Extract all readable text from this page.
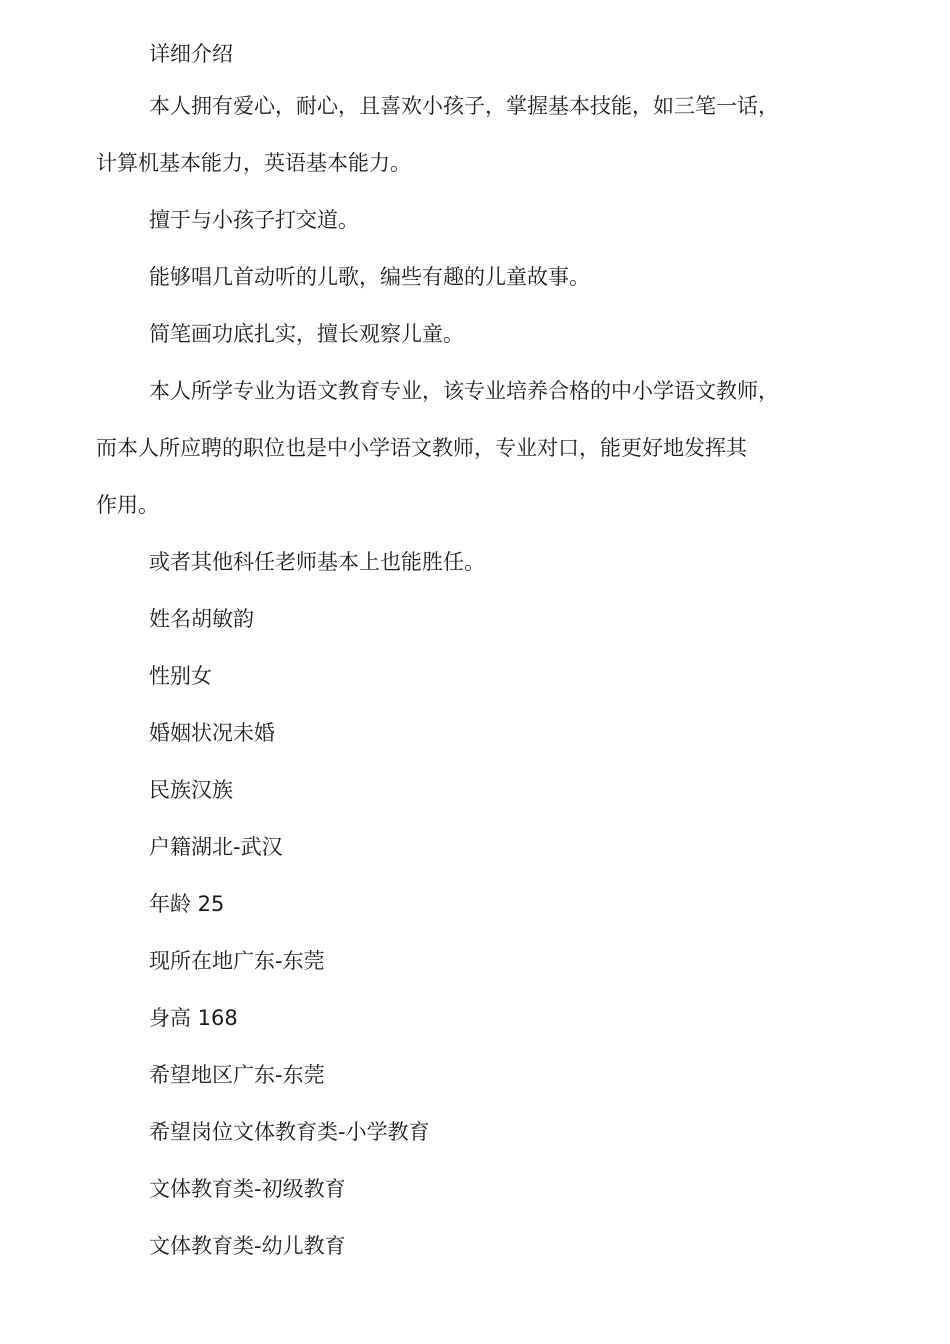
详细介绍

本人拥有爱心，耐心，且喜欢小孩子，掌握基本技能，如三笔一话，

计算机基本能力，英语基本能力。

擅于与小孩子打交道。

能够唱几首动听的儿歌，编些有趣的儿童故事。

简笔画功底扎实，擅长观察儿童。

本人所学专业为语文教育专业，该专业培养合格的中小学语文教师，

而本人所应聘的职位也是中小学语文教师，专业对口，能更好地发挥其

作用。

或者其他科任老师基本上也能胜任。

姓名胡敏韵

性别女

婚姻状况未婚

民族汉族

户籍湖北-武汉

年龄 25

现所在地广东-东莞

身高 168

希望地区广东-东莞

希望岗位文体教育类-小学教育

文体教育类-初级教育

文体教育类-幼儿教育
